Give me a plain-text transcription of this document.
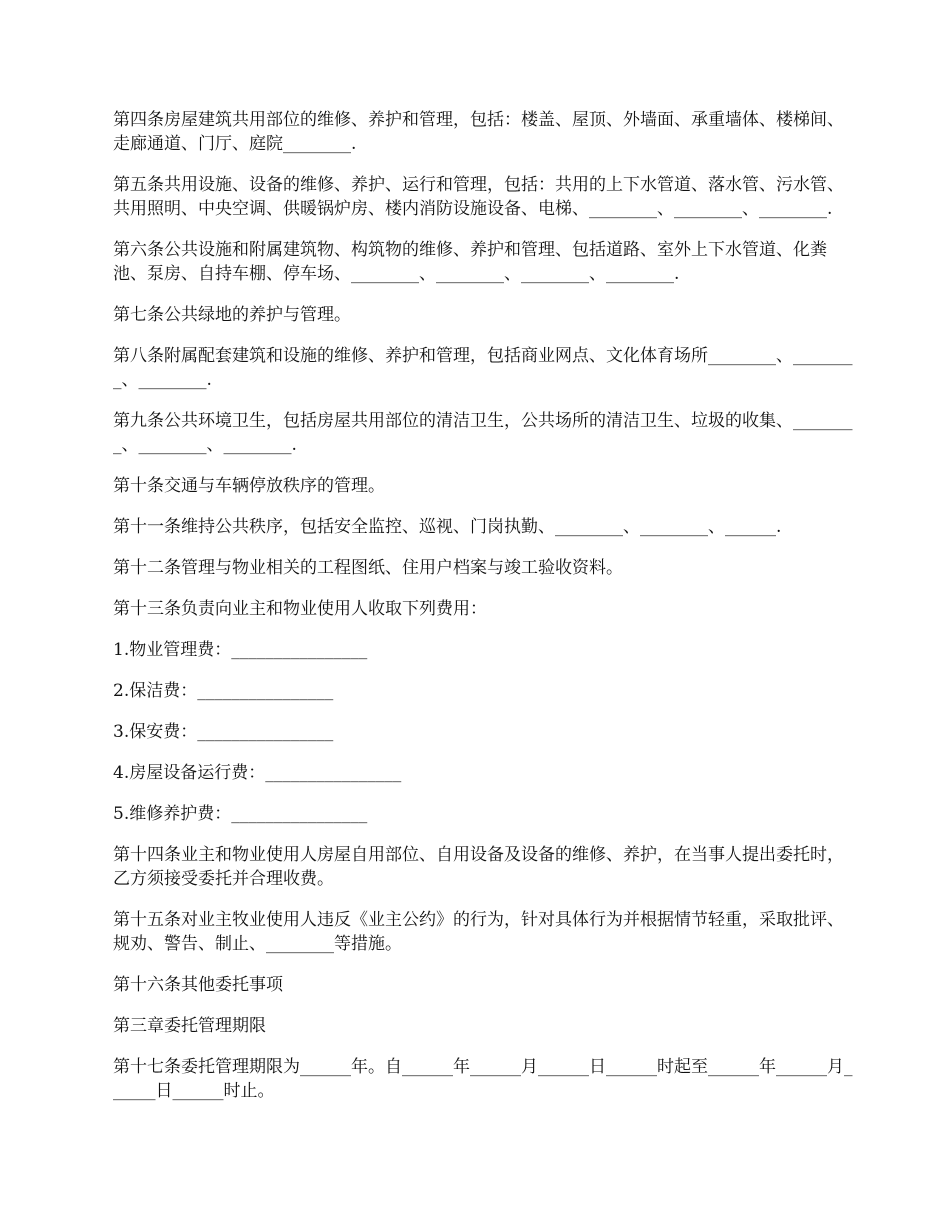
第四条房屋建筑共用部位的维修、养护和管理，包括：楼盖、屋顶、外墙面、承重墙体、楼梯间、走廊通道、门厅、庭院________.

第五条共用设施、设备的维修、养护、运行和管理，包括：共用的上下水管道、落水管、污水管、共用照明、中央空调、供暖锅炉房、楼内消防设施设备、电梯、________、________、________.

第六条公共设施和附属建筑物、构筑物的维修、养护和管理、包括道路、室外上下水管道、化粪池、泵房、自持车棚、停车场、________、________、________、________.

第七条公共绿地的养护与管理。

第八条附属配套建筑和设施的维修、养护和管理，包括商业网点、文化体育场所________、________、________.

第九条公共环境卫生，包括房屋共用部位的清洁卫生，公共场所的清洁卫生、垃圾的收集、________、________、________.

第十条交通与车辆停放秩序的管理。

第十一条维持公共秩序，包括安全监控、巡视、门岗执勤、________、________、______.

第十二条管理与物业相关的工程图纸、住用户档案与竣工验收资料。

第十三条负责向业主和物业使用人收取下列费用：

1.物业管理费：________________

2.保洁费：________________

3.保安费：________________

4.房屋设备运行费：________________

5.维修养护费：________________

第十四条业主和物业使用人房屋自用部位、自用设备及设备的维修、养护，在当事人提出委托时，乙方须接受委托并合理收费。

第十五条对业主牧业使用人违反《业主公约》的行为，针对具体行为并根据情节轻重，采取批评、规劝、警告、制止、________等措施。

第十六条其他委托事项

第三章委托管理期限

第十七条委托管理期限为______年。自______年______月______日______时起至______年______月______日______时止。
